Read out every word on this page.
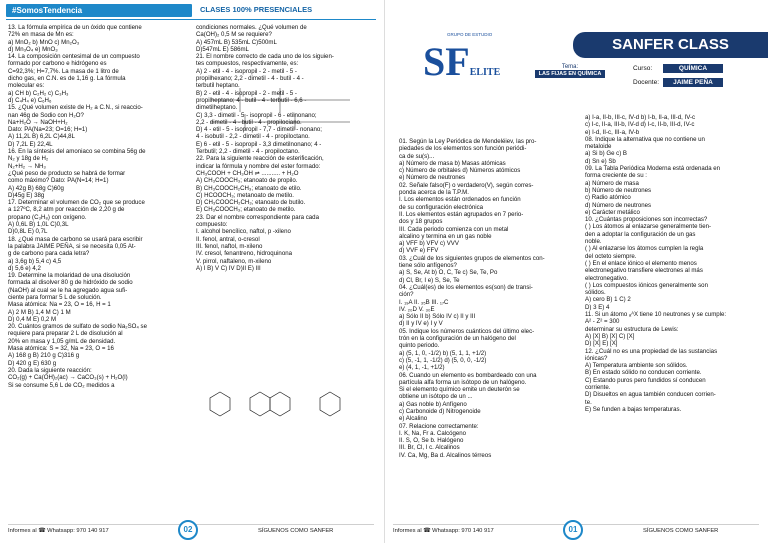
#SomosTendencia	CLASES 100% PRESENCIALES

13. La fórmula empírica de un óxido que contiene

72% en masa de Mn es:

a) MnO₂ b) MnO c) Mn₂O₃

d) Mn₃O₄ e) MnO₃

14. La composición centesimal de un compuesto

formado por carbono e hidrógeno es

C=92,3%; H=7,7%. La masa de 1 litro de

dicho gas, en C.N. es de 1,16 g. La fórmula

molecular es:

a) CH b) C₂H₂ c) C₃H₃

d) C₄H₄ e) C₆H₆

15. ¿Qué volumen existe de H₂ a C.N., si reaccio-

nan 46g de Sodio con H₂O?

Na+H₂O → NaOH+H₂

Dato: PA(Na=23; O=16; H=1)

A) 11,2L B) 6,2L C)44,8L

D) 7,2L E) 22,4L

16. En la síntesis del amoniaco se combina 56g de

N₂ y 18g de H₂

N₂+H₂ → NH₃

¿Qué peso de producto se habrá de formar

como máximo? Dato: PA(N=14; H=1)

A) 42g B) 68g C)60g

D)45g E) 38g

17. Determinar el volumen de CO₂ que se produce

a 127ºC, 8,2 atm por reacción de 2,20 g de

propano (C₃H₈) con oxígeno.

A) 0,6L B) 1,0L C)0,3L

D)0,8L E) 0,7L

18. ¿Qué masa de carbono se usará para escribir

la palabra JAIME PEÑA, si se necesita 0,05 At-

g de carbono para cada letra?

a) 3,6g b) 5,4 c) 4,5

d) 5,6 e) 4,2

19. Determine la molaridad de una disolución

formada al disolver 80 g de hidróxido de sodio

(NaOH) al cual se le ha agregado agua sufi-

ciente para formar 5 L de solución.

Masa atómica: Na = 23, O = 16, H = 1

A) 2 M B) 1,4 M C) 1 M

D) 0,4 M E) 0,2 M

20. Cuántos gramos de sulfato de sodio Na₂SO₄ se

requiere para preparar 2 L de disolución al

20% en masa y 1,05 g/mL de densidad.

Masa atómica: S = 32, Na = 23, O = 16

A) 168 g B) 210 g C)316 g

D) 420 g E) 630 g

20. Dada la siguiente reacción:

CO₂(g) + Ca(OH)₂(ac) → CaCO₃(s) + H₂O(l)

Si se consume 5,6 L de CO₂ medidos a

condiciones normales. ¿Qué volumen de

Ca(OH)₂ 0,5 M se requiere?

A) 457mL B) 535mL C)500mL

D)547mL E) 586mL

21. El nombre correcto de cada uno de los siguien-

tes compuestos, respectivamente, es:

A) 2 - etil - 4 - isopropil - 2 - metil - 5 -

propilhexano; 2,2 - dimetil - 4 - butil - 4 -

terbutil heptano.

B) 2 - etil - 4 - isopropil - 2 - metil - 5 -

propilheptano; 4 - butil - 4 - terbutil - 6,6 -

dimetilheptano.

C) 3,3 - dimetil - 5 - isopropil - 6 - etilnonano;

2,2 - dimetil - 4 - butil - 4 - propilociano.

D) 4 - etil - 5 - isopropil - 7,7 - dimetil - nonano;

4 - isobutil - 2,2 - dimetil - 4 - propiloctano.

E) 6 - etil - 5 - isopropil - 3,3 dimetilnonano; 4 -

Terbutil; 2,2 - dimetil - 4 - propiloctano.

22. Para la siguiente reacción de esterificación,

indicar la fórmula y nombre del ester formado:

CH₃COOH + CH₃OH ⇌ ........... + H₂O

A) CH₃COOCH₃; etanoato de propilo.

B) CH₃COOCH₂CH₃; etanoato de etilo.

C) HCOOCH₃; metanoato de metilo.

D) CH₃COOCH₂CH₃; etanoato de butilo.

E) CH₃COOCH₃; etanoato de metilo.

23. Dar el nombre correspondiente para cada

compuesto:

I. alcohol bencílico, naftol, p -xileno

II. fenol, antral, o-cresol

III. fenol, naftol, m-xileno

IV. cresol, fenantreno, hidroquinona

V. pirrol, naftaleno, m-xileno

A) I B) V C) IV D)II E) III

Informes al ☎ Whatsapp: 970 140 917	SÍGUENOS COMO SANFER
02
GRUPO DE ESTUDIO
SFELITE
SANFER CLASS
Tema:
LAS FIJAS EN QUÍMICA
Curso:	QUÍMICA
Docente: JAIME PEÑA

01. Según la Ley Periódica de Mendeléiev, las pro-

piedades de los elementos son función periódi-

ca de su(s)...

a) Número de masa b) Masas atómicas

c) Número de orbitales d) Números atómicos

e) Número de neutrones

02. Señale falso(F) o verdadero(V), según corres-

ponda acerca de la T.P.M.

I. Los elementos están ordenados en función

de su configuración electrónica

II. Los elementos están agrupados en 7 perio-

dos y 18 grupos

III. Cada periodo comienza con un metal

alcalino y termina en un gas noble

a) VFF b) VFV c) VVV

d) VVF e) FFV

03. ¿Cuál de los siguientes grupos de elementos con-

tiene sólo anfígenos?

a) S, Se, At b) O, C, Te c) Se, Te, Po

d) Cl, Br, I e) S, Se, Te

04. ¿Cuál(es) de los elementos es(son) de transi-

ción?

I. ₁₉A II. ₃₅B III. ₁₇C

IV. ₂₀D V. ₃₀E

a) Sólo II b) Sólo IV c) II y III

d) II y IV e) I y V

05. Indique los números cuánticos del último elec-

trón en la configuración de un halógeno del

quinto periodo.

a) (5, 1, 0, -1/2) b) (5, 1, 1, +1/2)

c) (5, -1, 1, -1/2) d) (5, 0, 0, -1/2)

e) (4, 1, -1, +1/2)

06. Cuando un elemento es bombardeado con una

partícula alfa forma un isótopo de un halógeno.

Si el elemento químico emite un deuterón se

obtiene un isótopo de un ...

a) Gas noble b) Anfígeno

c) Carbonoide d) Nitrogenoide

e) Alcalino

07. Relacione correctamente:

I. K, Na, Fr a. Calcógeno

II. S, O, Se b. Halógeno

III. Br, Cl, I c. Alcalinos

IV. Ca, Mg, Ba d. Alcalinos térreos

a) I-a, II-b, III-c, IV-d b) I-b, II-a, III-d, IV-c

c) I-c, II-a, III-b, IV-d d) I-c, II-b, III-d, IV-c

e) I-d, II-c, III-a, IV-b

08. Indique la alternativa que no contiene un

metaloide

a) Si b) Ge c) B

d) Sn e) Sb

09. La Tabla Periódica Moderna está ordenada en

forma creciente de su :

a) Número de masa

b) Número de neutrones

c) Radio atómico

d) Número de neutrones

e) Carácter metálico

10. ¿Cuántas proposiciones son incorrectas?

( ) Los átomos al enlazarse generalmente tien-

den a adoptar la configuración de un gas

noble.

( ) Al enlazarse los átomos cumplen la regla

del octeto siempre.

( ) En el enlace iónico el elemento menos

electronegativo transfiere electrones al más

electronegativo.

( ) Los compuestos iónicos generalmente son

sólidos.

A) cero B) 1 C) 2

D) 3 E) 4

11. Si un átomo ₐᴬX tiene 10 neutrones y se cumple:

A² - Z² = 300

determinar su estructura de Lewis:

A) [X] B) [X] C) [X]

D) [X] E) [X]

12. ¿Cuál no es una propiedad de las sustancias

iónicas?

A) Temperatura ambiente son sólidos.

B) En estado sólido no conducen corriente.

C) Estando puros pero fundidos sí conducen

corriente.

D) Disueltos en agua también conducen corrien-

te.

E) Se funden a bajas temperaturas.

Informes al ☎ Whatsapp: 970 140 917	SÍGUENOS COMO SANFER
01
